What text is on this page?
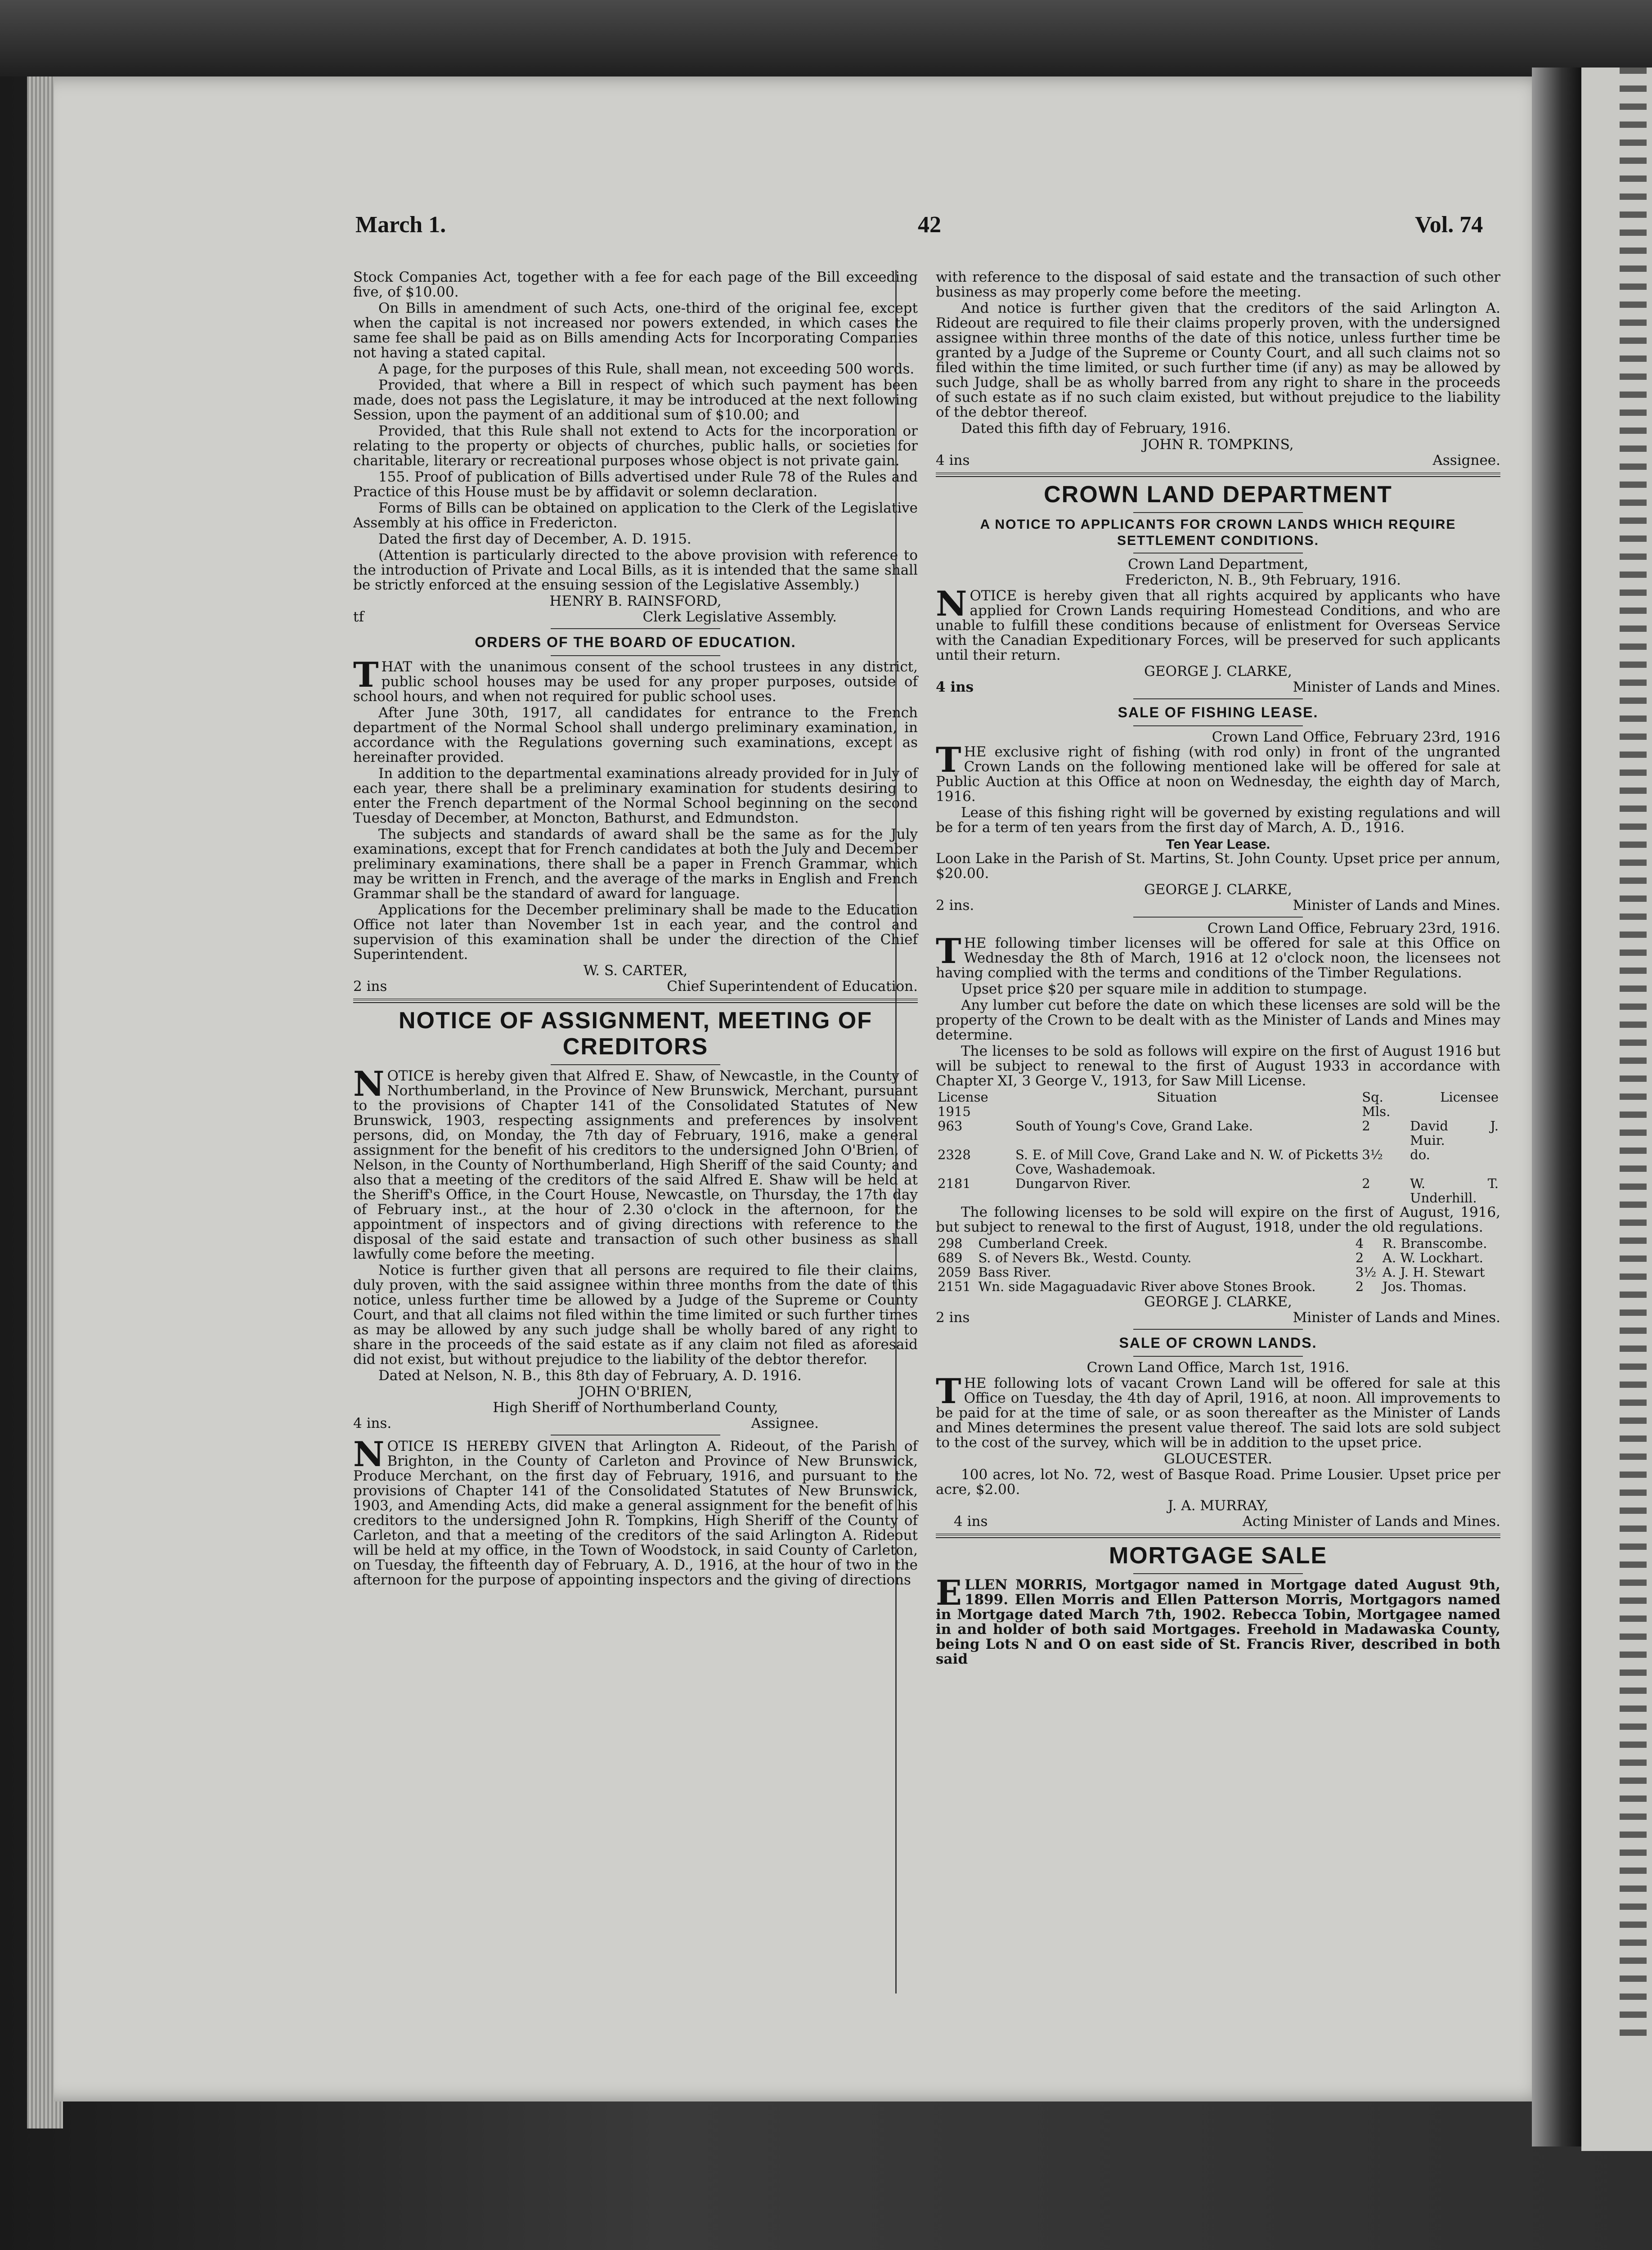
March 1.	42	Vol. 74

Stock Companies Act, together with a fee for each page of the Bill exceeding five, of $10.00.

On Bills in amendment of such Acts, one-third of the original fee, except when the capital is not increased nor powers extended, in which cases the same fee shall be paid as on Bills amending Acts for Incorporating Companies not having a stated capital.

A page, for the purposes of this Rule, shall mean, not exceeding 500 words.

Provided, that where a Bill in respect of which such payment has been made, does not pass the Legislature, it may be introduced at the next following Session, upon the payment of an additional sum of $10.00; and

Provided, that this Rule shall not extend to Acts for the incorporation or relating to the property or objects of churches, public halls, or societies for charitable, literary or recreational purposes whose object is not private gain.

155. Proof of publication of Bills advertised under Rule 78 of the Rules and Practice of this House must be by affidavit or solemn declaration.

Forms of Bills can be obtained on application to the Clerk of the Legislative Assembly at his office in Fredericton.

Dated the first day of December, A. D. 1915.

(Attention is particularly directed to the above provision with reference to the introduction of Private and Local Bills, as it is intended that the same shall be strictly enforced at the ensuing session of the Legislative Assembly.)

HENRY B. RAINSFORD,
tf	Clerk Legislative Assembly.
ORDERS OF THE BOARD OF EDUCATION.

THAT with the unanimous consent of the school trustees in any district, public school houses may be used for any proper purposes, outside of school hours, and when not required for public school uses.

After June 30th, 1917, all candidates for entrance to the French department of the Normal School shall undergo preliminary examination, in accordance with the Regulations governing such examinations, except as hereinafter provided.

In addition to the departmental examinations already provided for in July of each year, there shall be a preliminary examination for students desiring to enter the French department of the Normal School beginning on the second Tuesday of December, at Moncton, Bathurst, and Edmundston.

The subjects and standards of award shall be the same as for the July examinations, except that for French candidates at both the July and December preliminary examinations, there shall be a paper in French Grammar, which may be written in French, and the average of the marks in English and French Grammar shall be the standard of award for language.

Applications for the December preliminary shall be made to the Education Office not later than November 1st in each year, and the control and supervision of this examination shall be under the direction of the Chief Superintendent.

W. S. CARTER,
2 ins	Chief Superintendent of Education.
NOTICE OF ASSIGNMENT, MEETING OF CREDITORS

NOTICE is hereby given that Alfred E. Shaw, of Newcastle, in the County of Northumberland, in the Province of New Brunswick, Merchant, pursuant to the provisions of Chapter 141 of the Consolidated Statutes of New Brunswick, 1903, respecting assignments and preferences by insolvent persons, did, on Monday, the 7th day of February, 1916, make a general assignment for the benefit of his creditors to the undersigned John O'Brien, of Nelson, in the County of Northumberland, High Sheriff of the said County; and also that a meeting of the creditors of the said Alfred E. Shaw will be held at the Sheriff's Office, in the Court House, Newcastle, on Thursday, the 17th day of February inst., at the hour of 2.30 o'clock in the afternoon, for the appointment of inspectors and of giving directions with reference to the disposal of the said estate and transaction of such other business as shall lawfully come before the meeting.

Notice is further given that all persons are required to file their claims, duly proven, with the said assignee within three months from the date of this notice, unless further time be allowed by a Judge of the Supreme or County Court, and that all claims not filed within the time limited or such further times as may be allowed by any such judge shall be wholly bared of any right to share in the proceeds of the said estate as if any claim not filed as aforesaid did not exist, but without prejudice to the liability of the debtor therefor.

Dated at Nelson, N. B., this 8th day of February, A. D. 1916.

JOHN O'BRIEN,
High Sheriff of Northumberland County,
4 ins.	Assignee.

NOTICE IS HEREBY GIVEN that Arlington A. Rideout, of the Parish of Brighton, in the County of Carleton and Province of New Brunswick, Produce Merchant, on the first day of February, 1916, and pursuant to the provisions of Chapter 141 of the Consolidated Statutes of New Brunswick, 1903, and Amending Acts, did make a general assignment for the benefit of his creditors to the undersigned John R. Tompkins, High Sheriff of the County of Carleton, and that a meeting of the creditors of the said Arlington A. Rideout will be held at my office, in the Town of Woodstock, in said County of Carleton, on Tuesday, the fifteenth day of February, A. D., 1916, at the hour of two in the afternoon for the purpose of appointing inspectors and the giving of directions

with reference to the disposal of said estate and the transaction of such other business as may properly come before the meeting.

And notice is further given that the creditors of the said Arlington A. Rideout are required to file their claims properly proven, with the undersigned assignee within three months of the date of this notice, unless further time be granted by a Judge of the Supreme or County Court, and all such claims not so filed within the time limited, or such further time (if any) as may be allowed by such Judge, shall be as wholly barred from any right to share in the proceeds of such estate as if no such claim existed, but without prejudice to the liability of the debtor thereof.

Dated this fifth day of February, 1916.

JOHN R. TOMPKINS,
4 ins	Assignee.
CROWN LAND DEPARTMENT
A NOTICE TO APPLICANTS FOR CROWN LANDS WHICH REQUIRE SETTLEMENT CONDITIONS.
Crown Land Department,
Fredericton, N. B., 9th February, 1916.

NOTICE is hereby given that all rights acquired by applicants who have applied for Crown Lands requiring Homestead Conditions, and who are unable to fulfill these conditions because of enlistment for Overseas Service with the Canadian Expeditionary Forces, will be preserved for such applicants until their return.

GEORGE J. CLARKE,
4 ins	Minister of Lands and Mines.
SALE OF FISHING LEASE.
Crown Land Office, February 23rd, 1916

THE exclusive right of fishing (with rod only) in front of the ungranted Crown Lands on the following mentioned lake will be offered for sale at Public Auction at this Office at noon on Wednesday, the eighth day of March, 1916.

Lease of this fishing right will be governed by existing regulations and will be for a term of ten years from the first day of March, A. D., 1916.

Ten Year Lease.

Loon Lake in the Parish of St. Martins, St. John County. Upset price per annum, $20.00.

GEORGE J. CLARKE,
2 ins.	Minister of Lands and Mines.
Crown Land Office, February 23rd, 1916.

THE following timber licenses will be offered for sale at this Office on Wednesday the 8th of March, 1916 at 12 o'clock noon, the licensees not having complied with the terms and conditions of the Timber Regulations.

Upset price $20 per square mile in addition to stumpage.

Any lumber cut before the date on which these licenses are sold will be the property of the Crown to be dealt with as the Minister of Lands and Mines may determine.

The licenses to be sold as follows will expire on the first of August 1916 but will be subject to renewal to the first of August 1933 in accordance with Chapter XI, 3 George V., 1913, for Saw Mill License.

License 1915	Situation	Sq. Mls.	Licensee
963	South of Young's Cove, Grand Lake.	2	David J. Muir.
2328	S. E. of Mill Cove, Grand Lake and N. W. of Picketts Cove, Washademoak.	3½	do.
2181	Dungarvon River.	2	W. T. Underhill.

The following licenses to be sold will expire on the first of August, 1916, but subject to renewal to the first of August, 1918, under the old regulations.

298	Cumberland Creek.	4	R. Branscombe.
689	S. of Nevers Bk., Westd. County.	2	A. W. Lockhart.
2059	Bass River.	3½	A. J. H. Stewart
2151	Wn. side Magaguadavic River above Stones Brook.	2	Jos. Thomas.
GEORGE J. CLARKE,
2 ins	Minister of Lands and Mines.
SALE OF CROWN LANDS.
Crown Land Office, March 1st, 1916.

THE following lots of vacant Crown Land will be offered for sale at this Office on Tuesday, the 4th day of April, 1916, at noon. All improvements to be paid for at the time of sale, or as soon thereafter as the Minister of Lands and Mines determines the present value thereof. The said lots are sold subject to the cost of the survey, which will be in addition to the upset price.

GLOUCESTER.

100 acres, lot No. 72, west of Basque Road. Prime Lousier. Upset price per acre, $2.00.

J. A. MURRAY,
4 ins	Acting Minister of Lands and Mines.
MORTGAGE SALE

ELLEN MORRIS, Mortgagor named in Mortgage dated August 9th, 1899. Ellen Morris and Ellen Patterson Morris, Mortgagors named in Mortgage dated March 7th, 1902. Rebecca Tobin, Mortgagee named in and holder of both said Mortgages. Freehold in Madawaska County, being Lots N and O on east side of St. Francis River, described in both said
